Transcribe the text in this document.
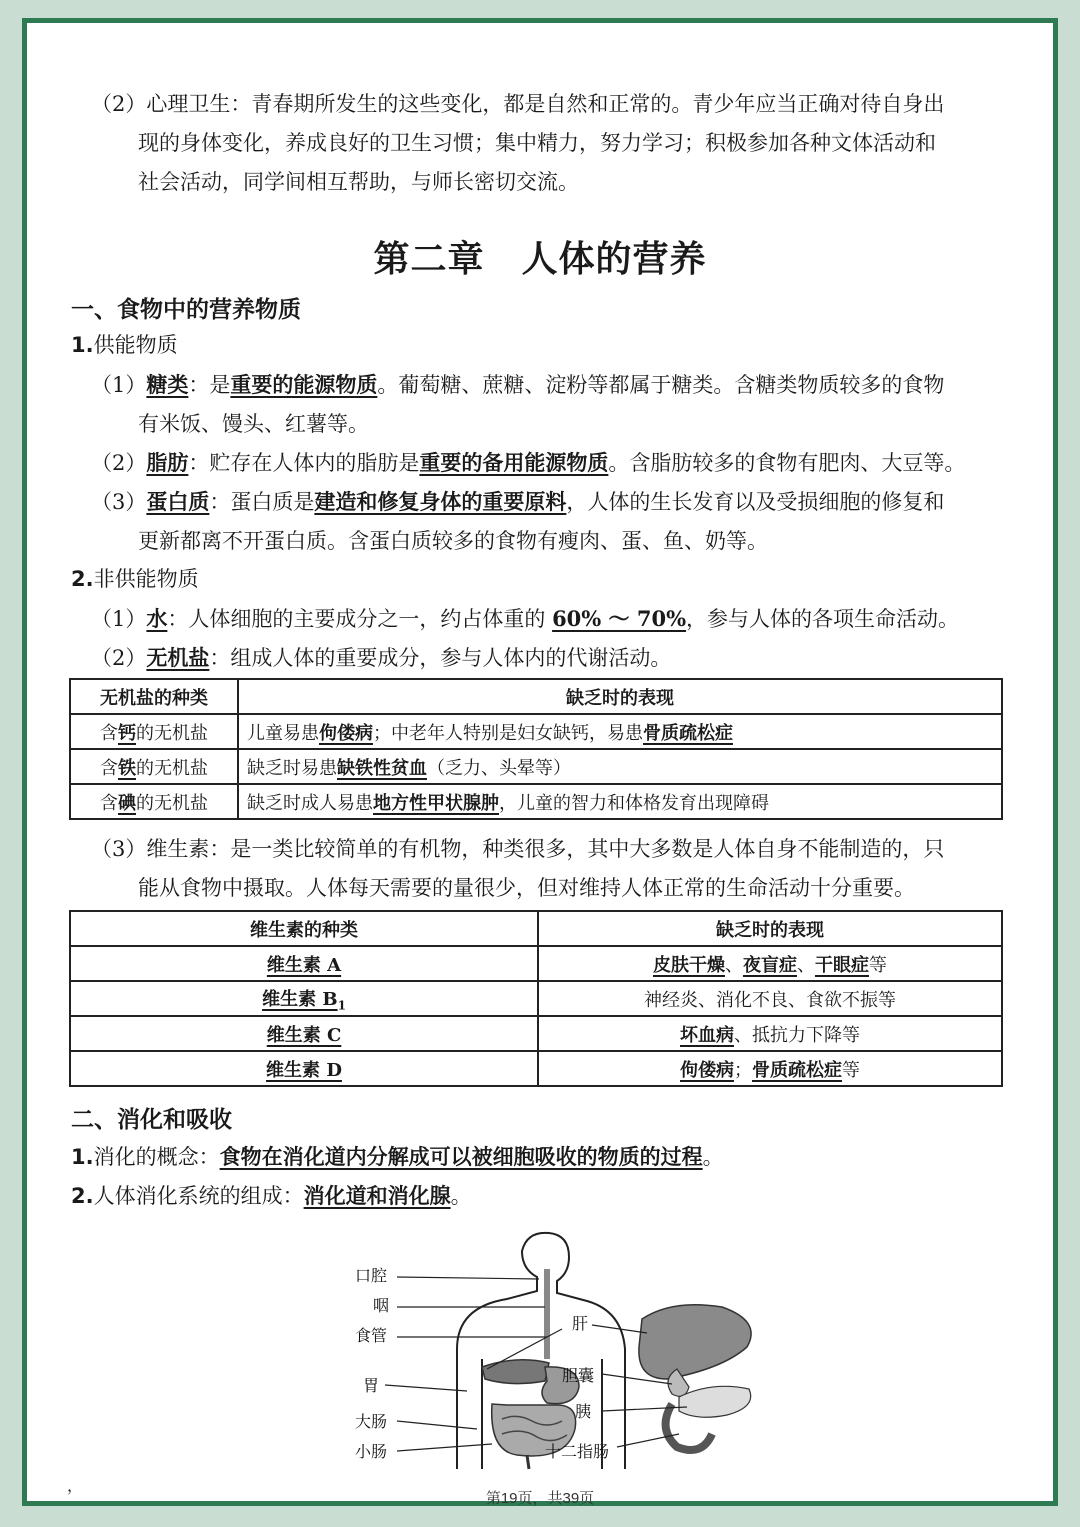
（2）心理卫生：青春期所发生的这些变化，都是自然和正常的。青少年应当正确对待自身出
现的身体变化，养成良好的卫生习惯；集中精力，努力学习；积极参加各种文体活动和
社会活动，同学间相互帮助，与师长密切交流。
第二章　人体的营养
一、食物中的营养物质
1.供能物质
（1）糖类：是重要的能源物质。葡萄糖、蔗糖、淀粉等都属于糖类。含糖类物质较多的食物
有米饭、馒头、红薯等。
（2）脂肪：贮存在人体内的脂肪是重要的备用能源物质。含脂肪较多的食物有肥肉、大豆等。
（3）蛋白质：蛋白质是建造和修复身体的重要原料，人体的生长发育以及受损细胞的修复和
更新都离不开蛋白质。含蛋白质较多的食物有瘦肉、蛋、鱼、奶等。
2.非供能物质
（1）水：人体细胞的主要成分之一，约占体重的 60% ～ 70%，参与人体的各项生命活动。
（2）无机盐：组成人体的重要成分，参与人体内的代谢活动。
无机盐的种类	缺乏时的表现
含钙的无机盐	儿童易患佝偻病；中老年人特别是妇女缺钙，易患骨质疏松症
含铁的无机盐	缺乏时易患缺铁性贫血（乏力、头晕等）
含碘的无机盐	缺乏时成人易患地方性甲状腺肿，儿童的智力和体格发育出现障碍
（3）维生素：是一类比较简单的有机物，种类很多，其中大多数是人体自身不能制造的，只
能从食物中摄取。人体每天需要的量很少，但对维持人体正常的生命活动十分重要。
维生素的种类	缺乏时的表现
维生素 A	皮肤干燥、夜盲症、干眼症等
维生素 $B_1$	神经炎、消化不良、食欲不振等
维生素 C	坏血病、抵抗力下降等
维生素 D	佝偻病；骨质疏松症等
二、消化和吸收
1.消化的概念：食物在消化道内分解成可以被细胞吸收的物质的过程。
2.人体消化系统的组成：消化道和消化腺。
口腔
咽
食管
胃
大肠
小肠
肝
胆囊
胰
十二指肠
，
第19页，共39页
